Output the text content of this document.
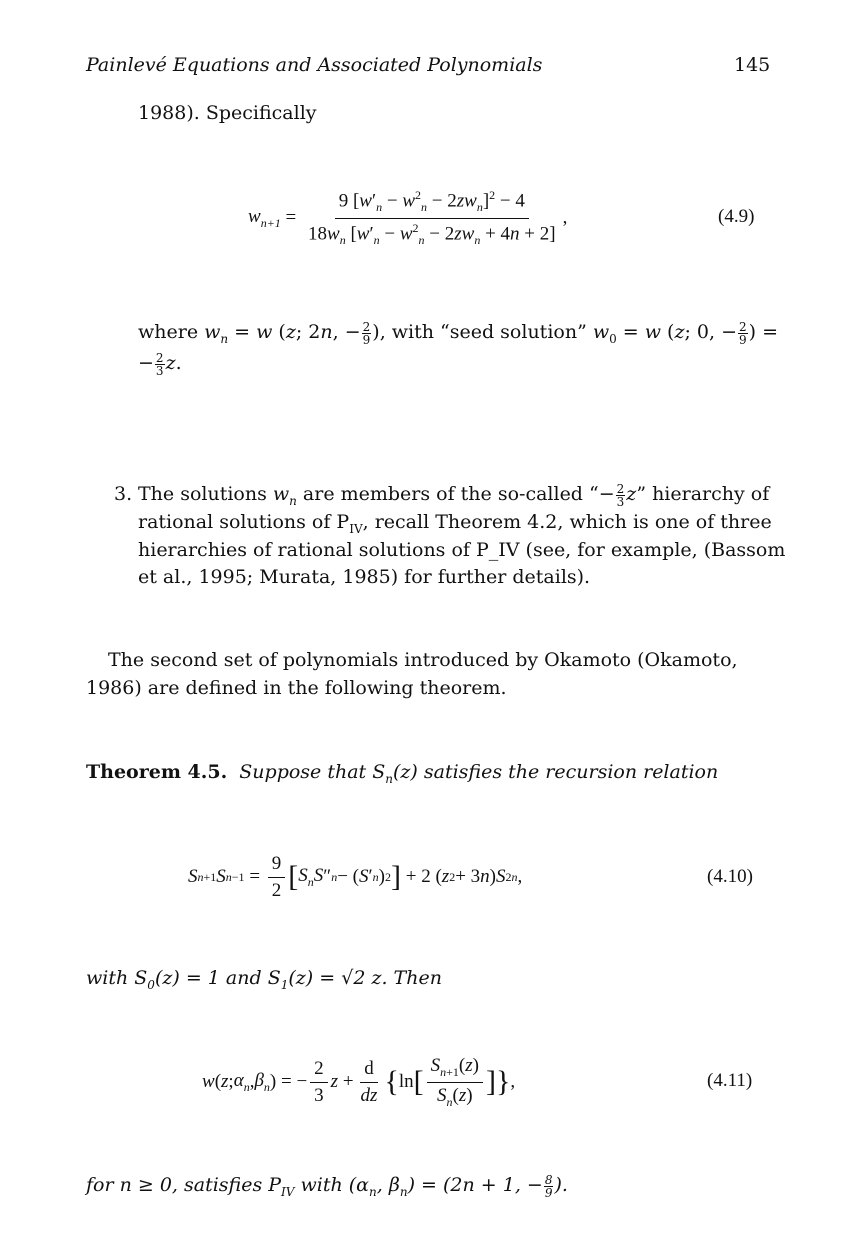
Painlevé Equations and Associated Polynomials	145
1988). Specifically
$w_{n+1} = \frac{9 [w'_n - w^2_n - 2zw_n]^2 - 4}{18w_n [w'_n - w^2_n - 2zw_n + 4n + 2]}$ ,	(4.9)
where $w_n = w$ (z; 2n, − $\frac{2}{9}$ ), with “seed solution” $w_0 = w$ (z; 0, − $\frac{2}{9}$ ) =
− $\frac{2}{3} z$.
3. The solutions $w_n$ are members of the so-called “− $\frac{2}{3} z$” hierarchy of
rational solutions of $P_{IV}$, recall Theorem 4.2, which is one of three
hierarchies of rational solutions of P_IV (see, for example, (Bassom
et al., 1995; Murata, 1985) for further details).
The second set of polynomials introduced by Okamoto (Okamoto,
1986) are defined in the following theorem.
Theorem 4.5.  Suppose that $S_n(z)$ satisfies the recursion relation
S n+1 S $n-1 = \frac{9}{2}$ [ $S_nS$ ″ n − ( S ′ n ) 2 ] + 2 ( z 2 + 3 n ) S 2 n ,	(4.10)
with $S_0(z) = 1$ and $S_1(z) = √2$ z. Then
w ( z ; $\alpha_n$ , $\beta_n$ ) = − $\frac{2}{3}$ $z + \frac{d}{dz}$ { ln [ $\frac{S_{n+1}(z)}{S_n(z)}$ ] } ,	(4.11)
for n ≥ 0, satisfies $P_{IV}$ with ($\alpha_n$, $\beta_n) = (2n + 1$, − $\frac{8}{9}$ ).
